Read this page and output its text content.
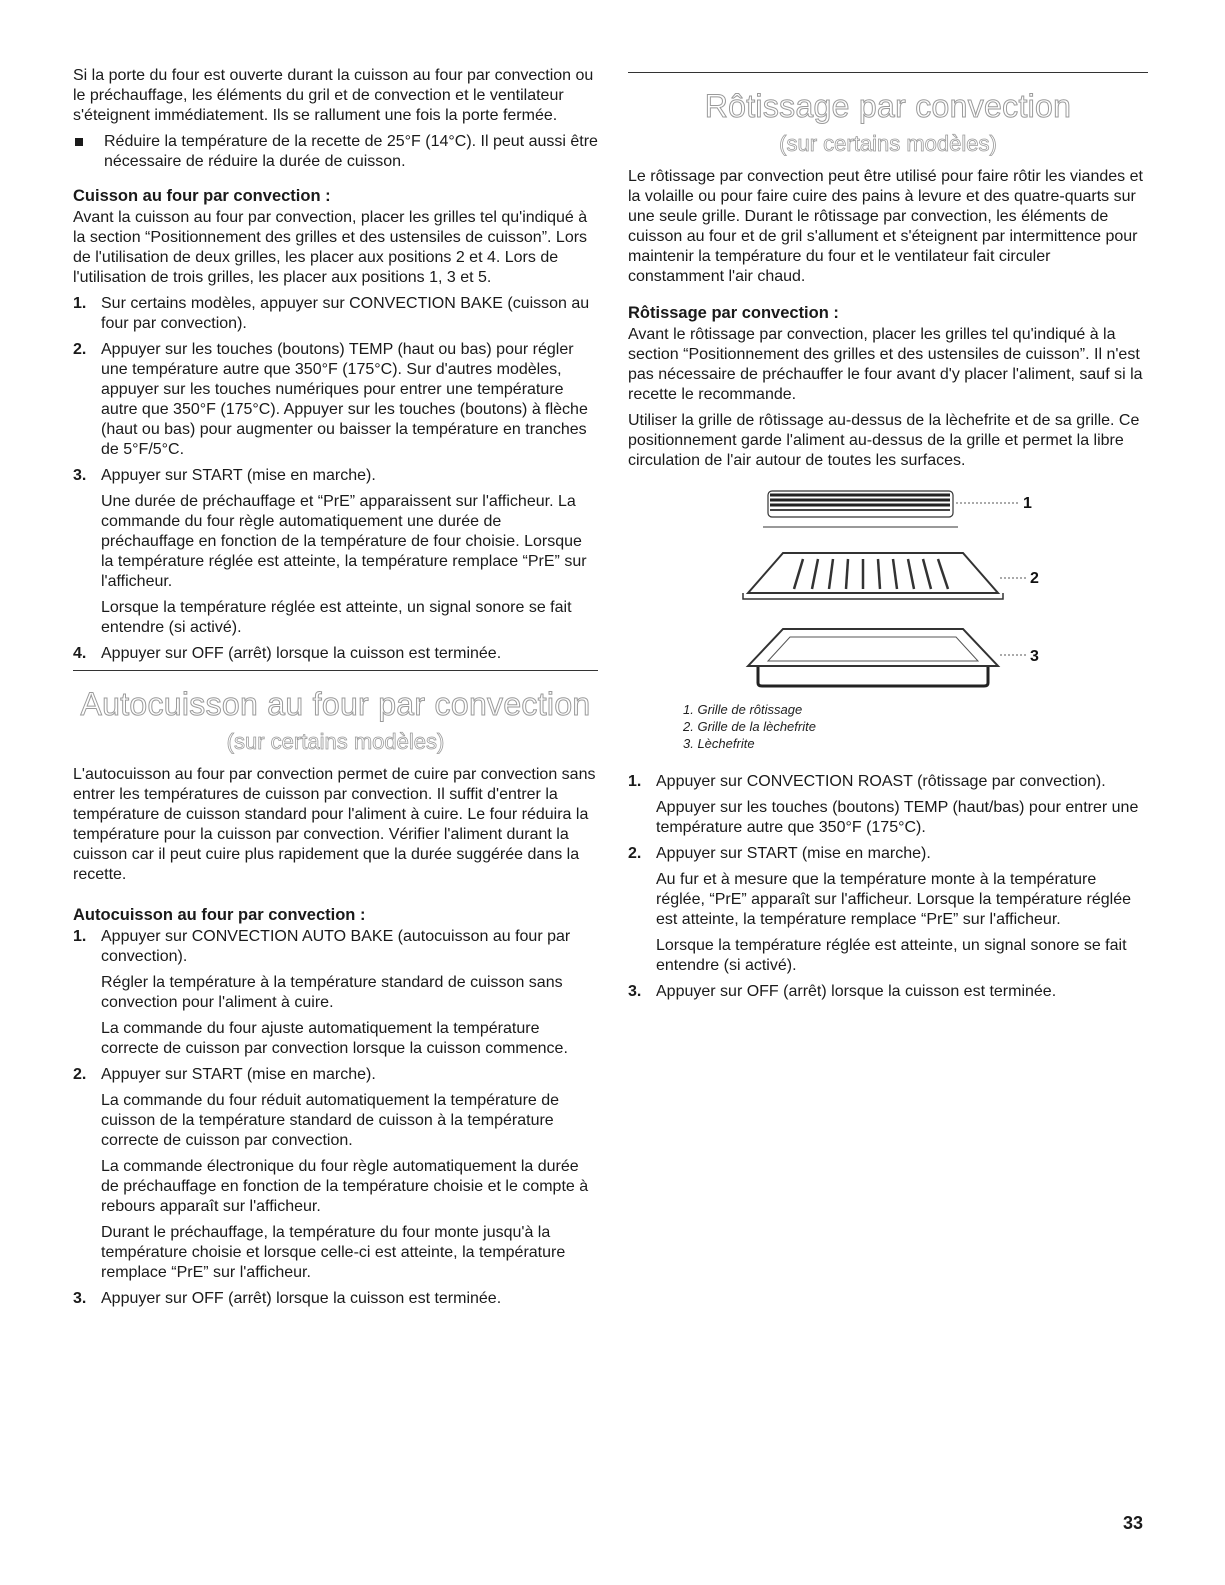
Si la porte du four est ouverte durant la cuisson au four par convection ou le préchauffage, les éléments du gril et de convection et le ventilateur s'éteignent immédiatement. Ils se rallument une fois la porte fermée.

Réduire la température de la recette de 25°F (14°C). Il peut aussi être nécessaire de réduire la durée de cuisson.
Cuisson au four par convection :

Avant la cuisson au four par convection, placer les grilles tel qu'indiqué à la section “Positionnement des grilles et des ustensiles de cuisson”. Lors de l'utilisation de deux grilles, les placer aux positions 2 et 4. Lors de l'utilisation de trois grilles, les placer aux positions 1, 3 et 5.

1. Sur certains modèles, appuyer sur CONVECTION BAKE (cuisson au four par convection).

2. Appuyer sur les touches (boutons) TEMP (haut ou bas) pour régler une température autre que 350°F (175°C). Sur d'autres modèles, appuyer sur les touches numériques pour entrer une température autre que 350°F (175°C). Appuyer sur les touches (boutons) à flèche (haut ou bas) pour augmenter ou baisser la température en tranches de 5°F/5°C.

3. Appuyer sur START (mise en marche).

Une durée de préchauffage et “PrE” apparaissent sur l'afficheur. La commande du four règle automatiquement une durée de préchauffage en fonction de la température de four choisie. Lorsque la température réglée est atteinte, la température remplace “PrE” sur l'afficheur.

Lorsque la température réglée est atteinte, un signal sonore se fait entendre (si activé).

4. Appuyer sur OFF (arrêt) lorsque la cuisson est terminée.

Autocuisson au four par convection
(sur certains modèles)

L'autocuisson au four par convection permet de cuire par convection sans entrer les températures de cuisson par convection. Il suffit d'entrer la température de cuisson standard pour l'aliment à cuire. Le four réduira la température pour la cuisson par convection. Vérifier l'aliment durant la cuisson car il peut cuire plus rapidement que la durée suggérée dans la recette.

Autocuisson au four par convection :
1. Appuyer sur CONVECTION AUTO BAKE (autocuisson au four par convection).

Régler la température à la température standard de cuisson sans convection pour l'aliment à cuire.

La commande du four ajuste automatiquement la température correcte de cuisson par convection lorsque la cuisson commence.

2. Appuyer sur START (mise en marche).

La commande du four réduit automatiquement la température de cuisson de la température standard de cuisson à la température correcte de cuisson par convection.

La commande électronique du four règle automatiquement la durée de préchauffage en fonction de la température choisie et le compte à rebours apparaît sur l'afficheur.

Durant le préchauffage, la température du four monte jusqu'à la température choisie et lorsque celle-ci est atteinte, la température remplace “PrE” sur l'afficheur.

3. Appuyer sur OFF (arrêt) lorsque la cuisson est terminée.

Rôtissage par convection
(sur certains modèles)

Le rôtissage par convection peut être utilisé pour faire rôtir les viandes et la volaille ou pour faire cuire des pains à levure et des quatre-quarts sur une seule grille. Durant le rôtissage par convection, les éléments de cuisson au four et de gril s'allument et s'éteignent par intermittence pour maintenir la température du four et le ventilateur fait circuler constamment l'air chaud.

Rôtissage par convection :

Avant le rôtissage par convection, placer les grilles tel qu'indiqué à la section “Positionnement des grilles et des ustensiles de cuisson”. Il n'est pas nécessaire de préchauffer le four avant d'y placer l'aliment, sauf si la recette le recommande.

Utiliser la grille de rôtissage au-dessus de la lèchefrite et de sa grille. Ce positionnement garde l'aliment au-dessus de la grille et permet la libre circulation de l'air autour de toutes les surfaces.

1
2
3
1. Grille de rôtissage
2. Grille de la lèchefrite
3. Lèchefrite
1. Appuyer sur CONVECTION ROAST (rôtissage par convection).

Appuyer sur les touches (boutons) TEMP (haut/bas) pour entrer une température autre que 350°F (175°C).

2. Appuyer sur START (mise en marche).

Au fur et à mesure que la température monte à la température réglée, “PrE” apparaît sur l'afficheur. Lorsque la température réglée est atteinte, la température remplace “PrE” sur l'afficheur.

Lorsque la température réglée est atteinte, un signal sonore se fait entendre (si activé).

3. Appuyer sur OFF (arrêt) lorsque la cuisson est terminée.

33
